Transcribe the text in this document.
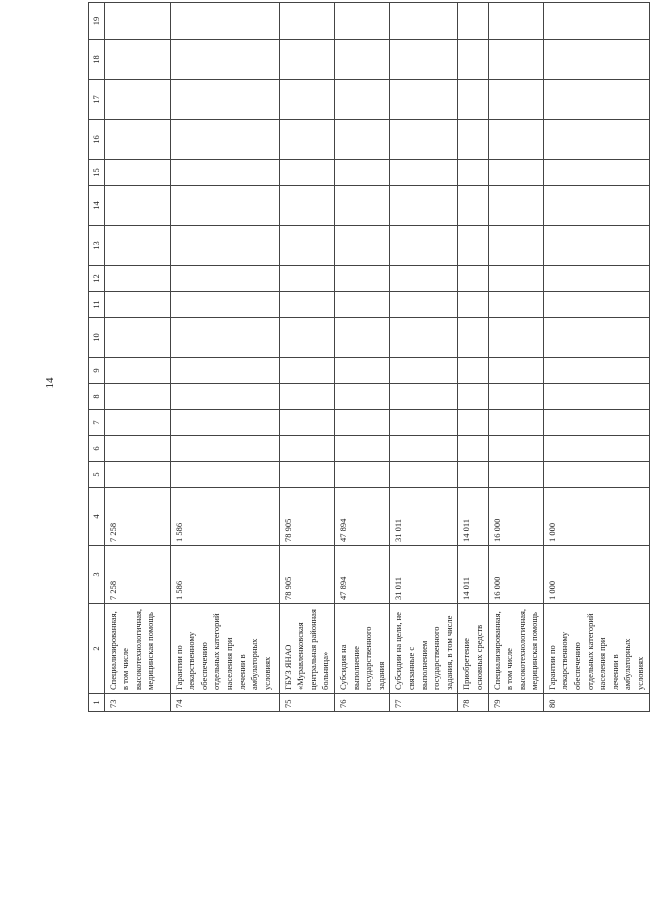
14
1	2	3	4	5	6	7	8	9	10	11	12	13	14	15	16	17	18	19
73	Специализированная, в том числе высокотехнологичная, медицинская помощь	7 258	7 258															
74	Гарантии по лекарственному обеспечению отдельных категорий населения при лечении в амбулаторных условиях	1 586	1 586															
75	ГБУЗ ЯНАО «Муравленковская центральная районная больница»	78 905	78 905															
76	Субсидия на выполнение государственного задания	47 894	47 894															
77	Субсидии на цели, не связанные с выполнением государственного задания, в том числе	31 011	31 011															
78	Приобретение основных средств	14 011	14 011															
79	Специализированная, в том числе высокотехнологичная, медицинская помощь	16 000	16 000															
80	Гарантии по лекарственному обеспечению отдельных категорий населения при лечении в амбулаторных условиях	1 000	1 000															
